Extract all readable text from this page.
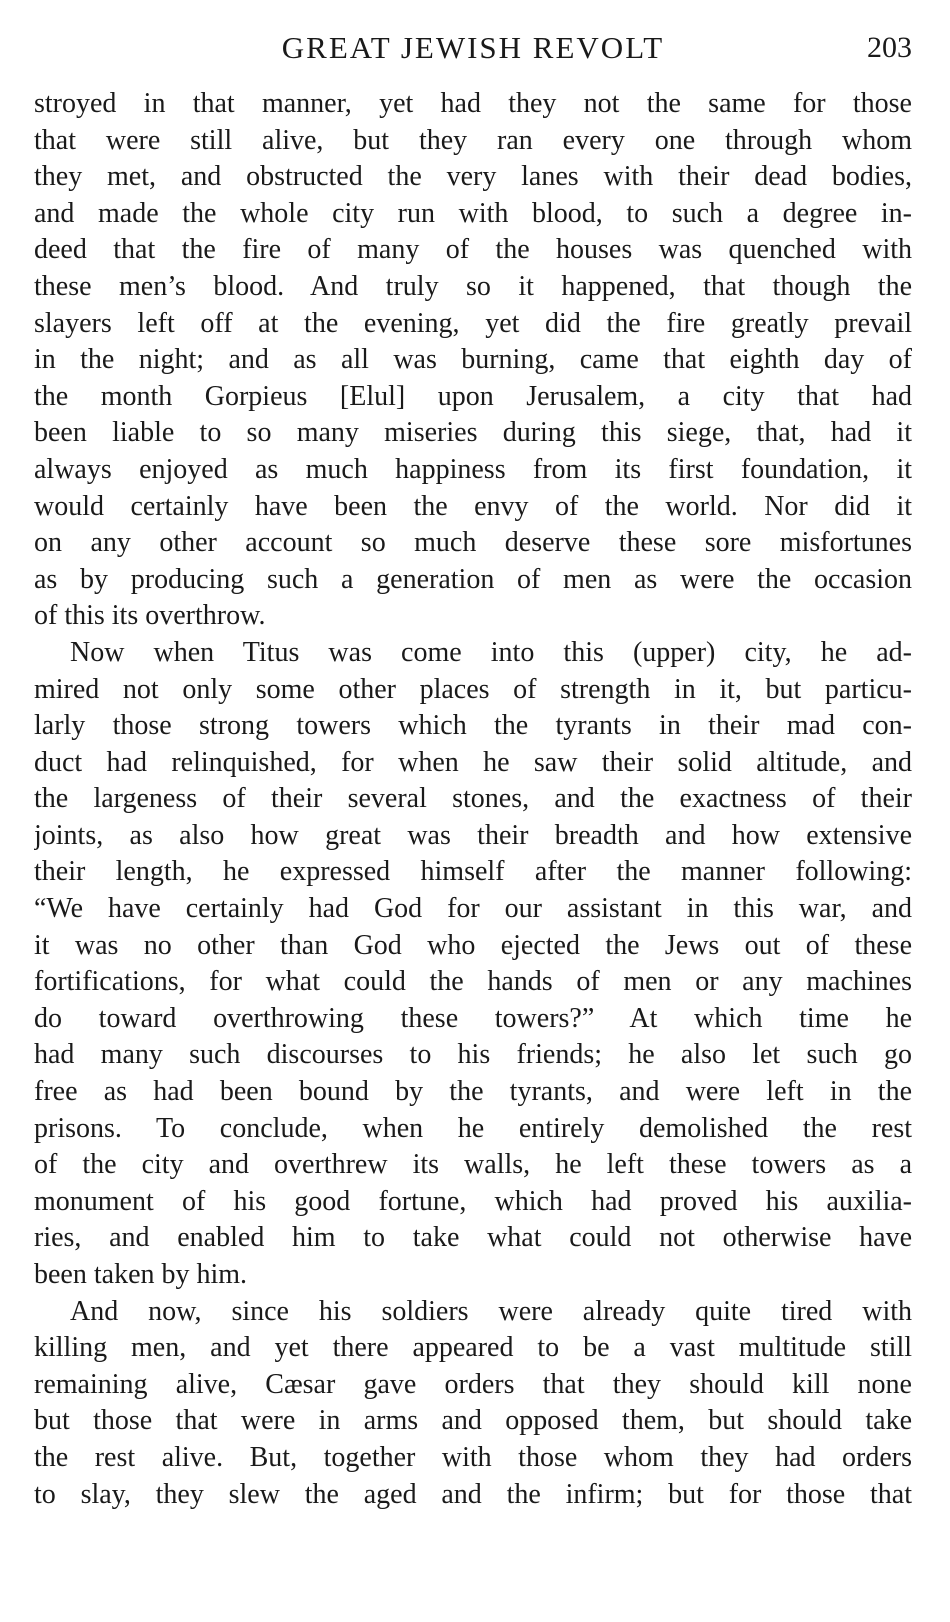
GREAT JEWISH REVOLT	203
stroyed in that manner, yet had they not the same for those
that were still alive, but they ran every one through whom
they met, and obstructed the very lanes with their dead bodies,
and made the whole city run with blood, to such a degree in-
deed that the fire of many of the houses was quenched with
these men’s blood. And truly so it happened, that though the
slayers left off at the evening, yet did the fire greatly prevail
in the night; and as all was burning, came that eighth day of
the month Gorpieus [Elul] upon Jerusalem, a city that had
been liable to so many miseries during this siege, that, had it
always enjoyed as much happiness from its first foundation, it
would certainly have been the envy of the world. Nor did it
on any other account so much deserve these sore misfortunes
as by producing such a generation of men as were the occasion
of this its overthrow.
Now when Titus was come into this (upper) city, he ad-
mired not only some other places of strength in it, but particu-
larly those strong towers which the tyrants in their mad con-
duct had relinquished, for when he saw their solid altitude, and
the largeness of their several stones, and the exactness of their
joints, as also how great was their breadth and how extensive
their length, he expressed himself after the manner following:
“We have certainly had God for our assistant in this war, and
it was no other than God who ejected the Jews out of these
fortifications, for what could the hands of men or any machines
do toward overthrowing these towers?” At which time he
had many such discourses to his friends; he also let such go
free as had been bound by the tyrants, and were left in the
prisons. To conclude, when he entirely demolished the rest
of the city and overthrew its walls, he left these towers as a
monument of his good fortune, which had proved his auxilia-
ries, and enabled him to take what could not otherwise have
been taken by him.
And now, since his soldiers were already quite tired with
killing men, and yet there appeared to be a vast multitude still
remaining alive, Cæsar gave orders that they should kill none
but those that were in arms and opposed them, but should take
the rest alive. But, together with those whom they had orders
to slay, they slew the aged and the infirm; but for those that
